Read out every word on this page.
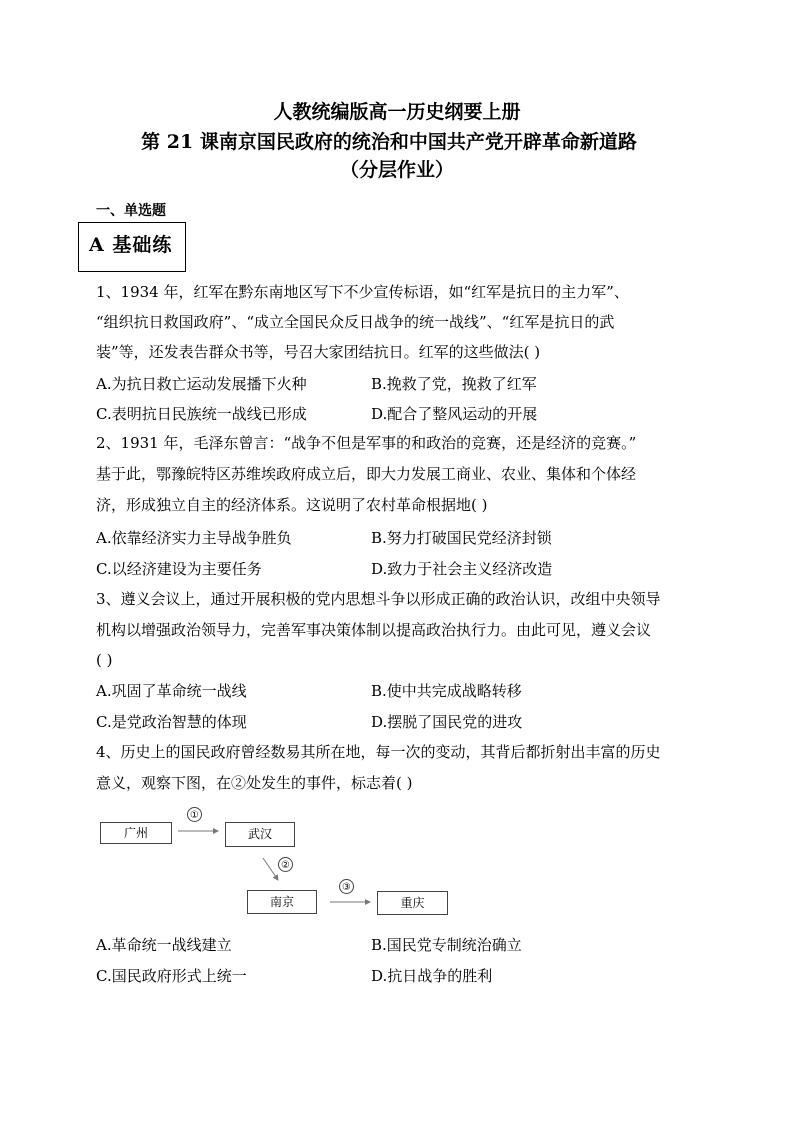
人教统编版高一历史纲要上册
第 21 课南京国民政府的统治和中国共产党开辟革命新道路
（分层作业）
一、单选题
A 基础练
1、1934 年，红军在黔东南地区写下不少宣传标语，如“红军是抗日的主力军”、
“组织抗日救国政府”、“成立全国民众反日战争的统一战线”、“红军是抗日的武
装”等，还发表告群众书等，号召大家团结抗日。红军的这些做法( )
A.为抗日救亡运动发展播下火种	B.挽救了党，挽救了红军
C.表明抗日民族统一战线已形成	D.配合了整风运动的开展
2、1931 年，毛泽东曾言：“战争不但是军事的和政治的竞赛，还是经济的竞赛。”
基于此，鄂豫皖特区苏维埃政府成立后，即大力发展工商业、农业、集体和个体经
济，形成独立自主的经济体系。这说明了农村革命根据地( )
A.依靠经济实力主导战争胜负	B.努力打破国民党经济封锁
C.以经济建设为主要任务	D.致力于社会主义经济改造
3、遵义会议上，通过开展积极的党内思想斗争以形成正确的政治认识，改组中央领导
机构以增强政治领导力，完善军事决策体制以提高政治执行力。由此可见，遵义会议
( )
A.巩固了革命统一战线	B.使中共完成战略转移
C.是党政治智慧的体现	D.摆脱了国民党的进攻
4、历史上的国民政府曾经数易其所在地，每一次的变动，其背后都折射出丰富的历史
意义，观察下图，在②处发生的事件，标志着( )
广州	武汉
南京	重庆
①
②
③
A.革命统一战线建立	B.国民党专制统治确立
C.国民政府形式上统一	D.抗日战争的胜利
